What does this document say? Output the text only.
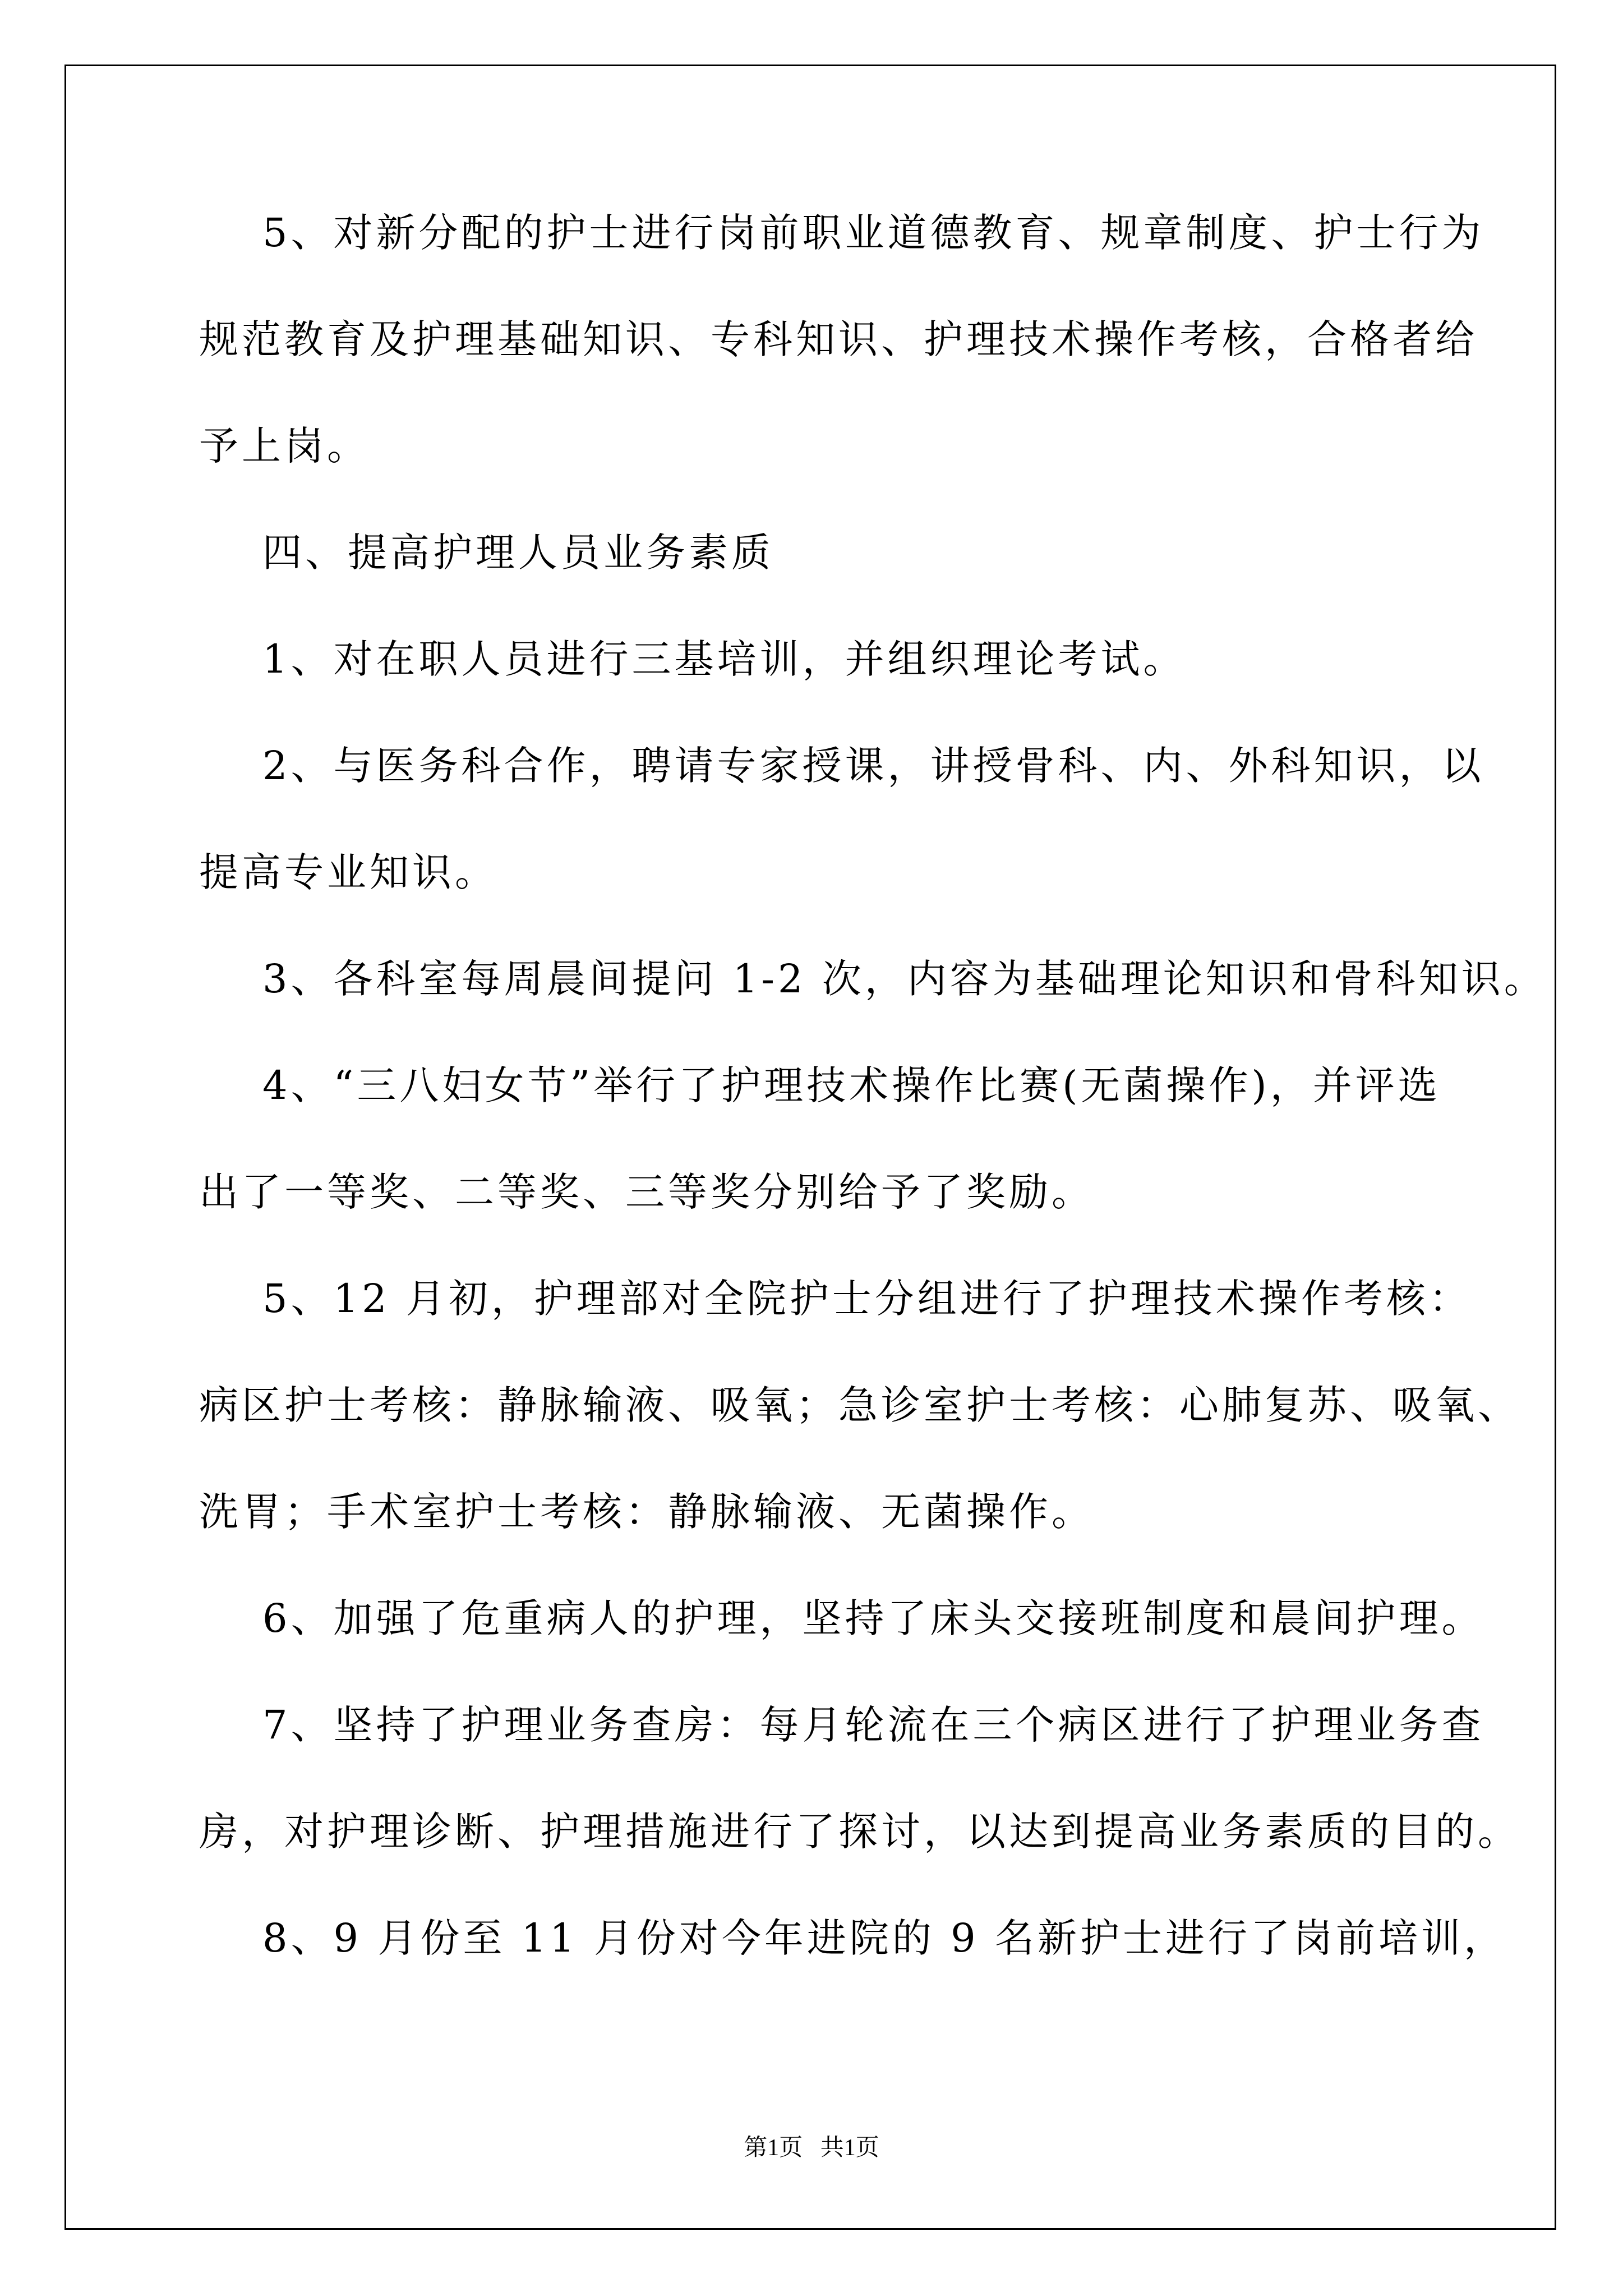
5、对新分配的护士进行岗前职业道德教育、规章制度、护士行为

规范教育及护理基础知识、专科知识、护理技术操作考核，合格者给

予上岗。

四、提高护理人员业务素质

1、对在职人员进行三基培训，并组织理论考试。

2、与医务科合作，聘请专家授课，讲授骨科、内、外科知识，以

提高专业知识。

3、各科室每周晨间提问 1-2 次，内容为基础理论知识和骨科知识。

4、“三八妇女节”举行了护理技术操作比赛(无菌操作)，并评选

出了一等奖、二等奖、三等奖分别给予了奖励。

5、12 月初，护理部对全院护士分组进行了护理技术操作考核：

病区护士考核：静脉输液、吸氧；急诊室护士考核：心肺复苏、吸氧、

洗胃；手术室护士考核：静脉输液、无菌操作。

6、加强了危重病人的护理，坚持了床头交接班制度和晨间护理。

7、坚持了护理业务查房：每月轮流在三个病区进行了护理业务查

房，对护理诊断、护理措施进行了探讨，以达到提高业务素质的目的。

8、9 月份至 11 月份对今年进院的 9 名新护士进行了岗前培训，

第1页   共1页
